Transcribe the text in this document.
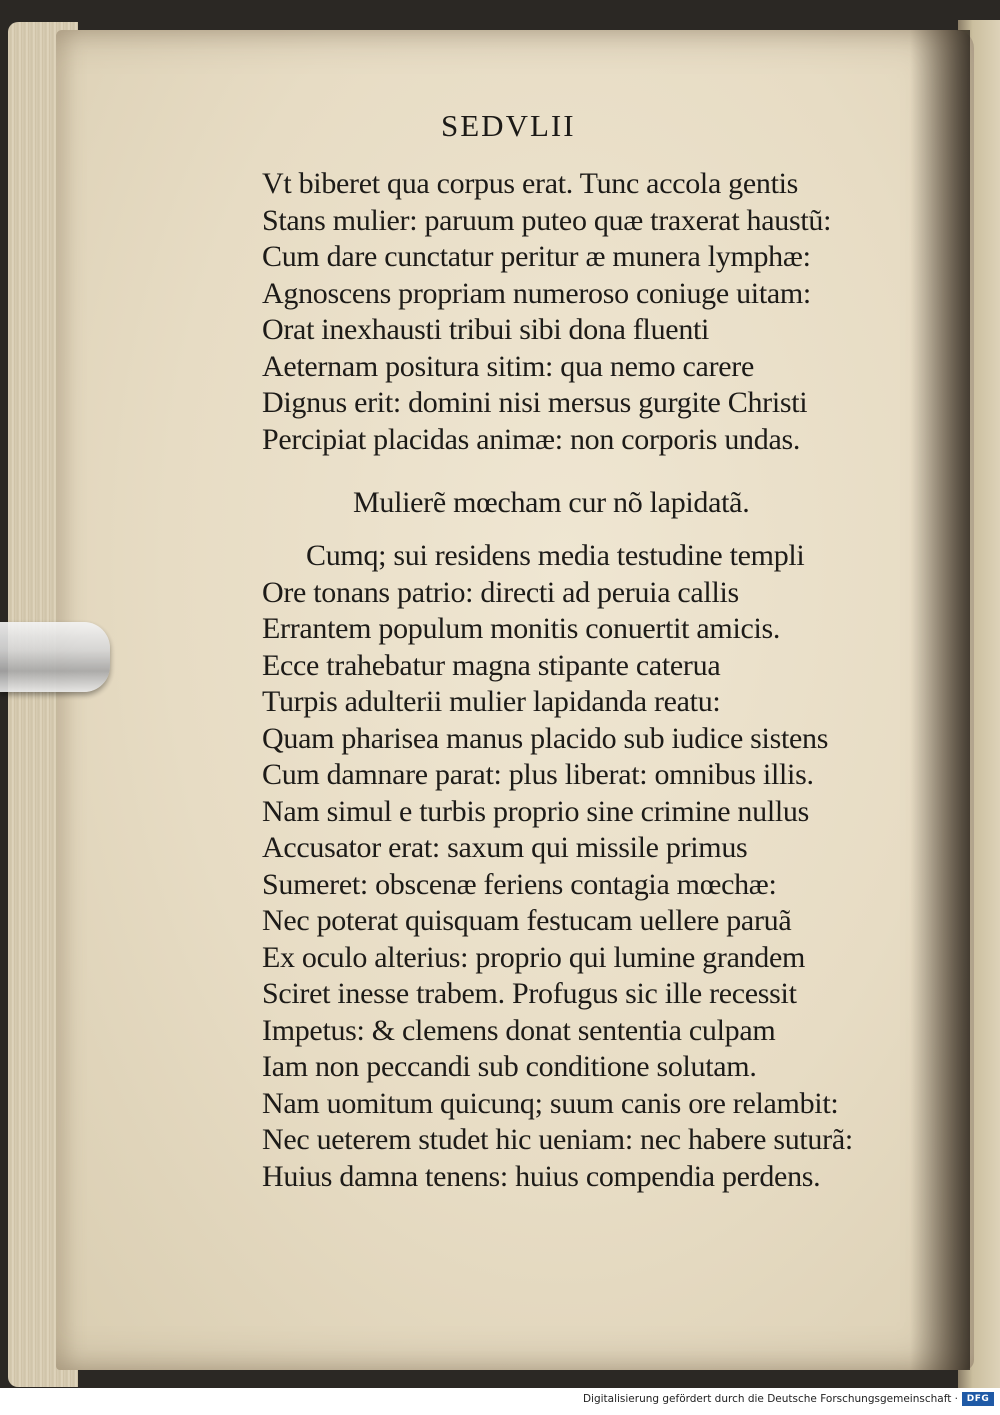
SEDVLII
Vt biberet qua corpus erat. Tunc accola gentis
Stans mulier: paruum puteo quæ traxerat haustũ:
Cum dare cunctatur peritur æ munera lymphæ:
Agnoscens propriam numeroso coniuge uitam:
Orat inexhausti tribui sibi dona fluenti
Aeternam positura sitim: qua nemo carere
Dignus erit: domini nisi mersus gurgite Christi
Percipiat placidas animæ: non corporis undas.
Mulierẽ mœcham cur nõ lapidatã.
Cumq; sui residens media testudine templi
Ore tonans patrio: directi ad peruia callis
Errantem populum monitis conuertit amicis.
Ecce trahebatur magna stipante caterua
Turpis adulterii mulier lapidanda reatu:
Quam pharisea manus placido sub iudice sistens
Cum damnare parat: plus liberat: omnibus illis.
Nam simul e turbis proprio sine crimine nullus
Accusator erat: saxum qui missile primus
Sumeret: obscenæ feriens contagia mœchæ:
Nec poterat quisquam festucam uellere paruã
Ex oculo alterius: proprio qui lumine grandem
Sciret inesse trabem. Profugus sic ille recessit
Impetus: & clemens donat sententia culpam
Iam non peccandi sub conditione solutam.
Nam uomitum quicunq; suum canis ore relambit:
Nec ueterem studet hic ueniam: nec habere suturã:
Huius damna tenens: huius compendia perdens.
Digitalisierung gefördert durch die Deutsche Forschungsgemeinschaft · DFG
